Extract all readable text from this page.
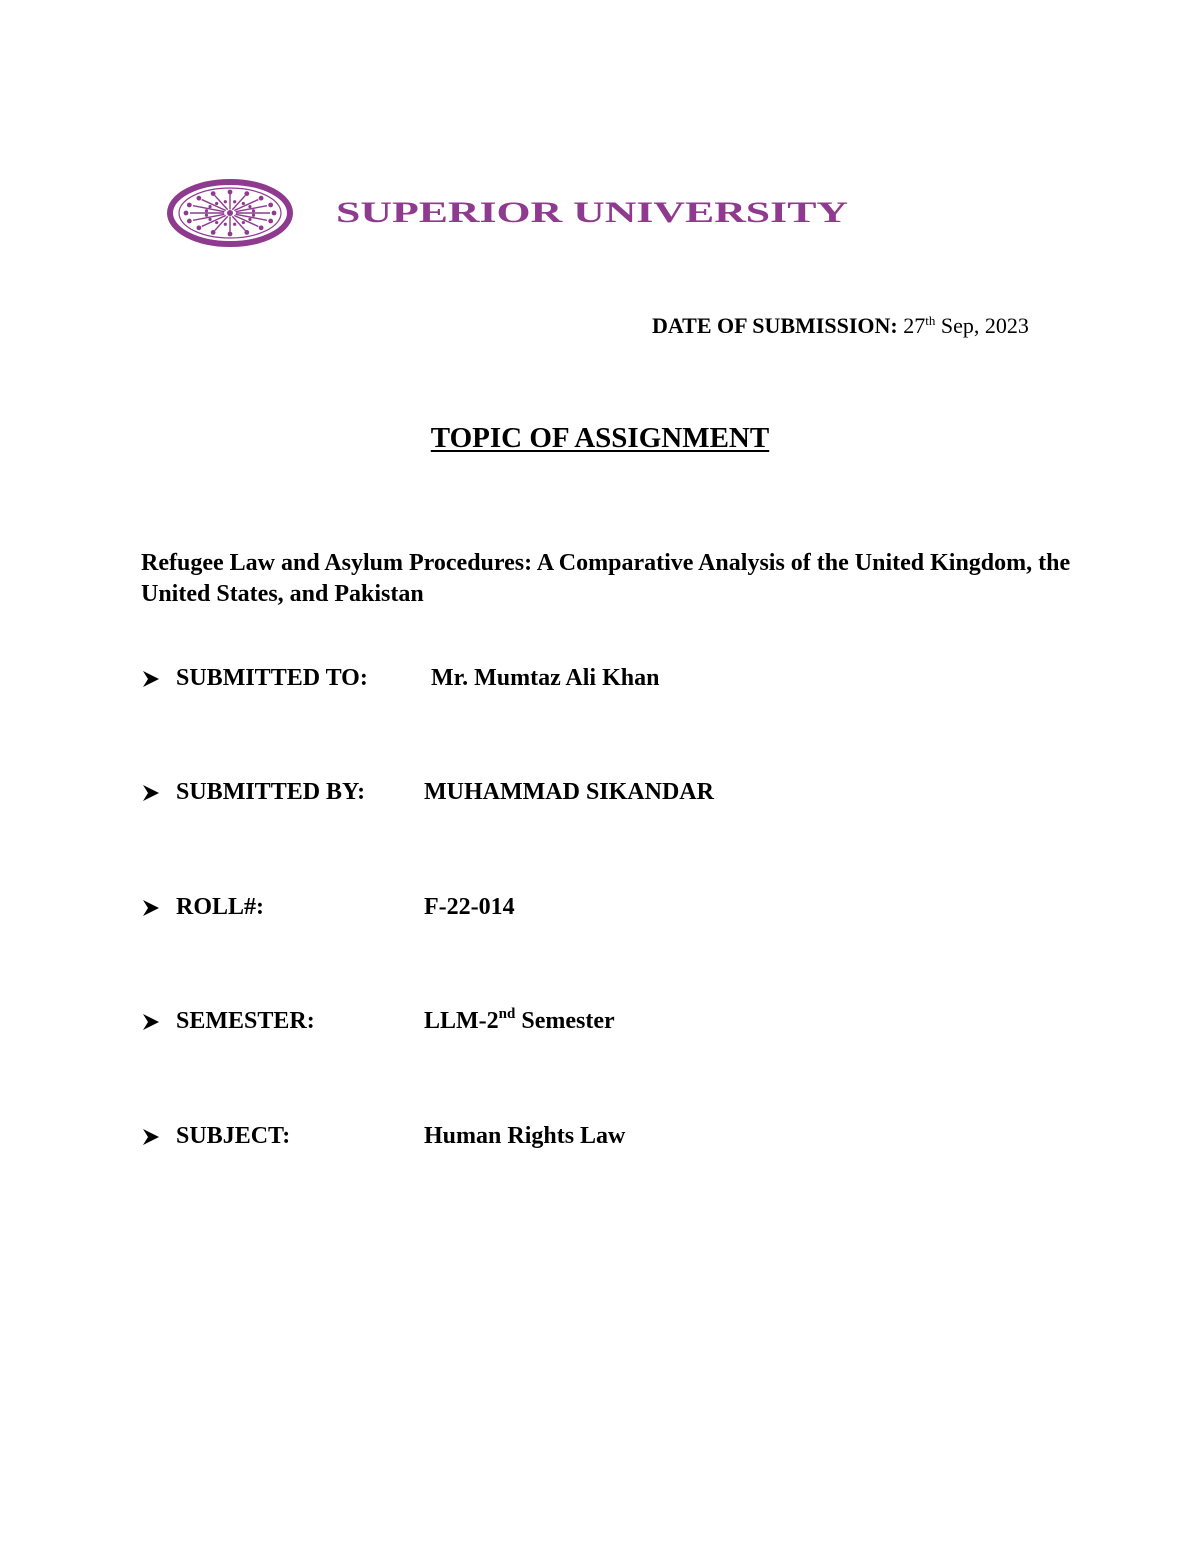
SUPERIOR UNIVERSITY
DATE OF SUBMISSION: 27th Sep, 2023
TOPIC OF ASSIGNMENT

Refugee Law and Asylum Procedures: A Comparative Analysis of the United Kingdom, the United States, and Pakistan

SUBMITTED TO:	Mr. Mumtaz Ali Khan
SUBMITTED BY: MUHAMMAD SIKANDAR
ROLL#:	F-22-014
SEMESTER:	LLM-2nd Semester
SUBJECT:	Human Rights Law
